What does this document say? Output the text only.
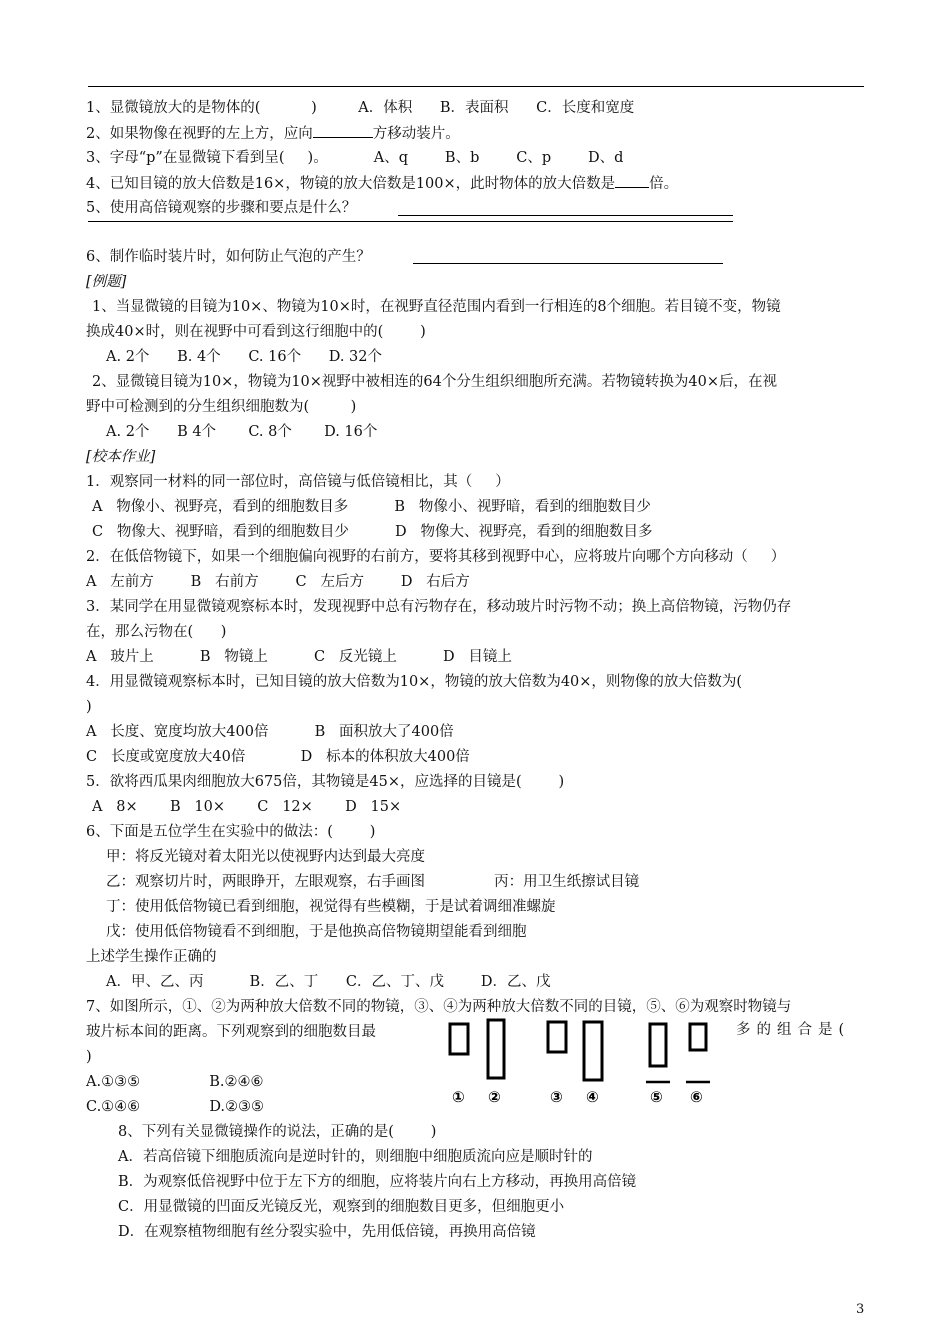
1、显微镜放大的是物体的(           )         A．体积      B．表面积      C．长度和宽度
2、如果物像在视野的左上方，应向	方移动装片。
3、字母“p”在显微镜下看到呈(     )。          A、q        B、b        C、p        D、d
4、已知目镜的放大倍数是16×，物镜的放大倍数是100×，此时物体的放大倍数是 倍。
5、使用高倍镜观察的步骤和要点是什么？
6、制作临时装片时，如何防止气泡的产生？
[例题]
1、当显微镜的目镜为10×、物镜为10×时，在视野直径范围内看到一行相连的8个细胞。若目镜不变，物镜
换成40×时，则在视野中可看到这行细胞中的(        )
A. 2个      B. 4个      C. 16个      D. 32个
2、显微镜目镜为10×，物镜为10×视野中被相连的64个分生组织细胞所充满。若物镜转换为40×后，在视
野中可检测到的分生组织细胞数为(         )
A. 2个      B 4个       C. 8个       D. 16个
[校本作业]
1．观察同一材料的同一部位时，高倍镜与低倍镜相比，其（     ）
A   物像小、视野亮，看到的细胞数目多          B   物像小、视野暗，看到的细胞数目少
C   物像大、视野暗，看到的细胞数目少          D   物像大、视野亮，看到的细胞数目多
2．在低倍物镜下，如果一个细胞偏向视野的右前方，要将其移到视野中心，应将玻片向哪个方向移动（     ）
A   左前方        B   右前方        C   左后方        D   右后方
3．某同学在用显微镜观察标本时，发现视野中总有污物存在，移动玻片时污物不动；换上高倍物镜，污物仍存
在，那么污物在(      )
A   玻片上          B   物镜上          C   反光镜上          D   目镜上
4．用显微镜观察标本时，已知目镜的放大倍数为10×，物镜的放大倍数为40×，则物像的放大倍数为(
)
A   长度、宽度均放大400倍          B   面积放大了400倍
C   长度或宽度放大40倍            D   标本的体积放大400倍
5．欲将西瓜果肉细胞放大675倍，其物镜是45×，应选择的目镜是(        )
A   8×       B   10×       C   12×       D   15×
6、下面是五位学生在实验中的做法：(        )
甲：将反光镜对着太阳光以使视野内达到最大亮度
乙：观察切片时，两眼睁开，左眼观察，右手画图               丙：用卫生纸擦试目镜
丁：使用低倍物镜已看到细胞，视觉得有些模糊，于是试着调细准螺旋
戊：使用低倍物镜看不到细胞，于是他换高倍物镜期望能看到细胞
上述学生操作正确的
A．甲、乙、丙          B．乙、丁      C．乙、丁、戊        D．乙、戊
7、如图所示，①、②为两种放大倍数不同的物镜，③、④为两种放大倍数不同的目镜，⑤、⑥为观察时物镜与
玻片标本间的距离。下列观察到的细胞数目最	多的组合是(
)
A.①③⑤               B.②④⑥
C.①④⑥               D.②③⑤
① ②	③ ④	⑤ ⑥
8、下列有关显微镜操作的说法，正确的是(        )
A．若高倍镜下细胞质流向是逆时针的，则细胞中细胞质流向应是顺时针的
B．为观察低倍视野中位于左下方的细胞，应将装片向右上方移动，再换用高倍镜
C．用显微镜的凹面反光镜反光，观察到的细胞数目更多，但细胞更小
D．在观察植物细胞有丝分裂实验中，先用低倍镜，再换用高倍镜
3
